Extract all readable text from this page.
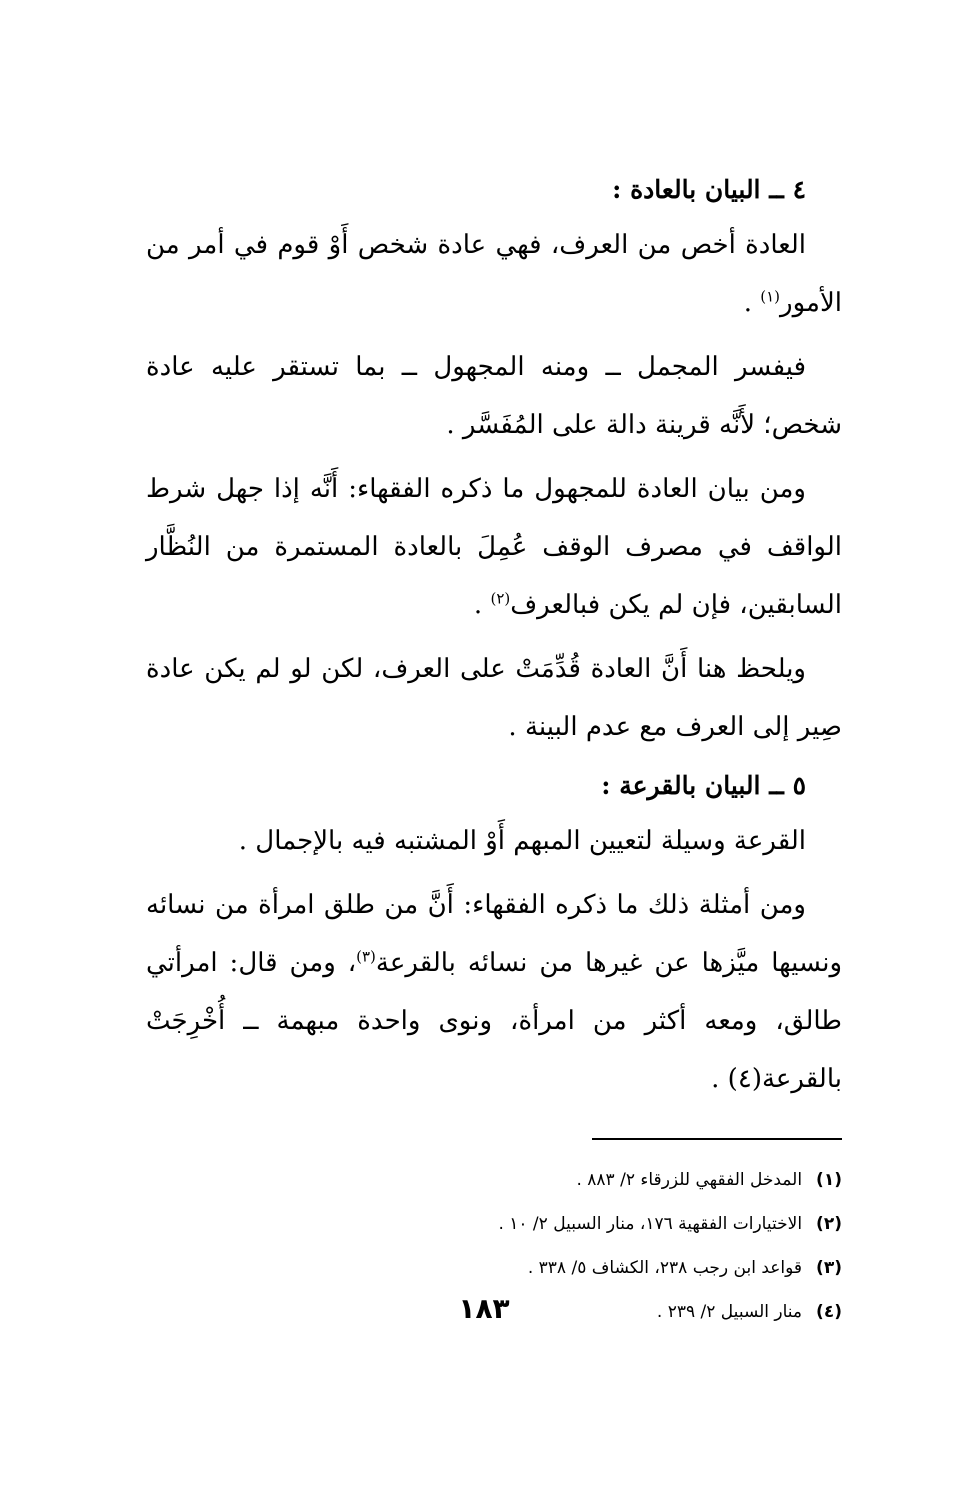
٤ ــ البيان بالعادة :

العادة أخص من العرف، فهي عادة شخص أَوْ قوم في أمر من الأمور$^{(١)}$ .

فيفسر المجمل ــ ومنه المجهول ــ بما تستقر عليه عادة شخص؛ لأَنَّه قرينة دالة على المُفَسَّر .

ومن بيان العادة للمجهول ما ذكره الفقهاء: أَنَّه إذا جهل شرط الواقف في مصرف الوقف عُمِلَ بالعادة المستمرة من النُظَّار السابقين، فإن لم يكن فبالعرف$^{(٢)}$ .

ويلحظ هنا أَنَّ العادة قُدِّمَتْ على العرف، لكن لو لم يكن عادة صِير إلى العرف مع عدم البينة .

٥ ــ البيان بالقرعة :

القرعة وسيلة لتعيين المبهم أَوْ المشتبه فيه بالإجمال .

ومن أمثلة ذلك ما ذكره الفقهاء: أَنَّ من طلق امرأة من نسائه ونسيها ميَّزها عن غيرها من نسائه بالقرعة$^{(٣)}$، ومن قال: امرأتي طالق، ومعه أكثر من امرأة، ونوى واحدة مبهمة ــ أُخْرِجَتْ بالقرعة(٤) .

(١)المدخل الفقهي للزرقاء ٢/ ٨٨٣ .
(٢)الاختيارات الفقهية ١٧٦، منار السبيل ٢/ ١٠ .
(٣)قواعد ابن رجب ٢٣٨، الكشاف ٥/ ٣٣٨ .
(٤)منار السبيل ٢/ ٢٣٩ .
١٨٣
